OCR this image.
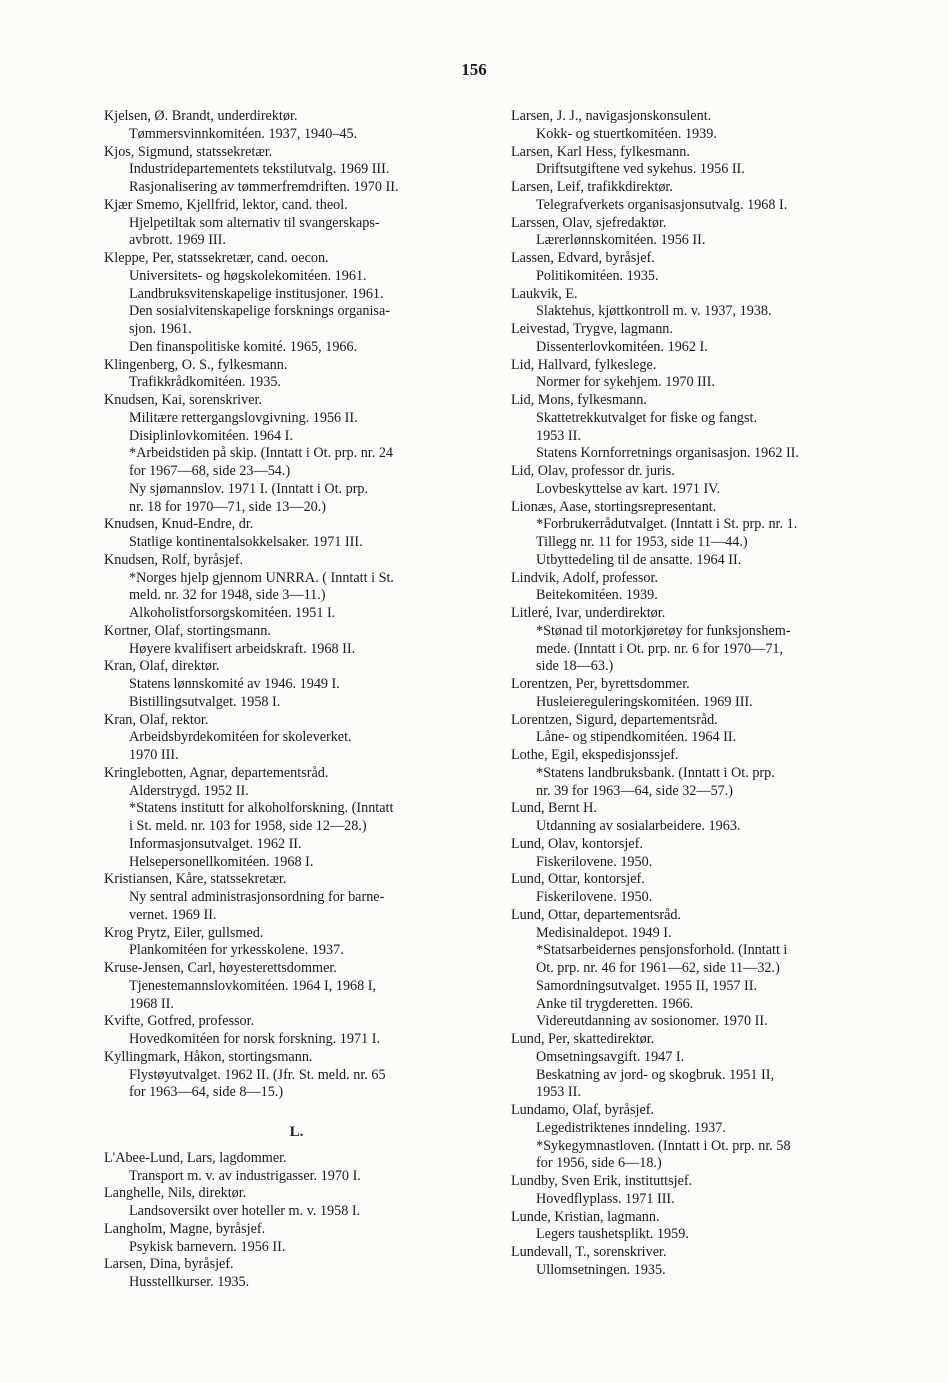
156
Kjelsen, Ø. Brandt, underdirektør.
Tømmersvinnkomitéen. 1937, 1940–45.
Kjos, Sigmund, statssekretær.
Industridepartementets tekstilutvalg. 1969 III.
Rasjonalisering av tømmerfremdriften. 1970 II.
Kjær Smemo, Kjellfrid, lektor, cand. theol.
Hjelpetiltak som alternativ til svangerskaps-
avbrott. 1969 III.
Kleppe, Per, statssekretær, cand. oecon.
Universitets- og høgskolekomitéen. 1961.
Landbruksvitenskapelige institusjoner. 1961.
Den sosialvitenskapelige forsknings organisa-
sjon. 1961.
Den finanspolitiske komité. 1965, 1966.
Klingenberg, O. S., fylkesmann.
Trafikkrådkomitéen. 1935.
Knudsen, Kai, sorenskriver.
Militære rettergangslovgivning. 1956 II.
Disiplinlovkomitéen. 1964 I.
*Arbeidstiden på skip. (Inntatt i Ot. prp. nr. 24
for 1967—68, side 23—54.)
Ny sjømannslov. 1971 I. (Inntatt i Ot. prp.
nr. 18 for 1970—71, side 13—20.)
Knudsen, Knud-Endre, dr.
Statlige kontinentalsokkelsaker. 1971 III.
Knudsen, Rolf, byråsjef.
*Norges hjelp gjennom UNRRA. ( Inntatt i St.
meld. nr. 32 for 1948, side 3—11.)
Alkoholistforsorgskomitéen. 1951 I.
Kortner, Olaf, stortingsmann.
Høyere kvalifisert arbeidskraft. 1968 II.
Kran, Olaf, direktør.
Statens lønnskomité av 1946. 1949 I.
Bistillingsutvalget. 1958 I.
Kran, Olaf, rektor.
Arbeidsbyrdekomitéen for skoleverket.
1970 III.
Kringlebotten, Agnar, departementsråd.
Alderstrygd. 1952 II.
*Statens institutt for alkoholforskning. (Inntatt
i St. meld. nr. 103 for 1958, side 12—28.)
Informasjonsutvalget. 1962 II.
Helsepersonellkomitéen. 1968 I.
Kristiansen, Kåre, statssekretær.
Ny sentral administrasjonsordning for barne-
vernet. 1969 II.
Krog Prytz, Eiler, gullsmed.
Plankomitéen for yrkesskolene. 1937.
Kruse-Jensen, Carl, høyesterettsdommer.
Tjenestemannslovkomitéen. 1964 I, 1968 I,
1968 II.
Kvifte, Gotfred, professor.
Hovedkomitéen for norsk forskning. 1971 I.
Kyllingmark, Håkon, stortingsmann.
Flystøyutvalget. 1962 II. (Jfr. St. meld. nr. 65
for 1963—64, side 8—15.)
L.
L'Abee-Lund, Lars, lagdommer.
Transport m. v. av industrigasser. 1970 I.
Langhelle, Nils, direktør.
Landsoversikt over hoteller m. v. 1958 I.
Langholm, Magne, byråsjef.
Psykisk barnevern. 1956 II.
Larsen, Dina, byråsjef.
Husstellkurser. 1935.
Larsen, J. J., navigasjonskonsulent.
Kokk- og stuertkomitéen. 1939.
Larsen, Karl Hess, fylkesmann.
Driftsutgiftene ved sykehus. 1956 II.
Larsen, Leif, trafikkdirektør.
Telegrafverkets organisasjonsutvalg. 1968 I.
Larssen, Olav, sjefredaktør.
Lærerlønnskomitéen. 1956 II.
Lassen, Edvard, byråsjef.
Politikomitéen. 1935.
Laukvik, E.
Slaktehus, kjøttkontroll m. v. 1937, 1938.
Leivestad, Trygve, lagmann.
Dissenterlovkomitéen. 1962 I.
Lid, Hallvard, fylkeslege.
Normer for sykehjem. 1970 III.
Lid, Mons, fylkesmann.
Skattetrekkutvalget for fiske og fangst.
1953 II.
Statens Kornforretnings organisasjon. 1962 II.
Lid, Olav, professor dr. juris.
Lovbeskyttelse av kart. 1971 IV.
Lionæs, Aase, stortingsrepresentant.
*Forbrukerrådutvalget. (Inntatt i St. prp. nr. 1.
Tillegg nr. 11 for 1953, side 11—44.)
Utbyttedeling til de ansatte. 1964 II.
Lindvik, Adolf, professor.
Beitekomitéen. 1939.
Litleré, Ivar, underdirektør.
*Stønad til motorkjøretøy for funksjonshem-
mede. (Inntatt i Ot. prp. nr. 6 for 1970—71,
side 18—63.)
Lorentzen, Per, byrettsdommer.
Husleiereguleringskomitéen. 1969 III.
Lorentzen, Sigurd, departementsråd.
Låne- og stipendkomitéen. 1964 II.
Lothe, Egil, ekspedisjonssjef.
*Statens landbruksbank. (Inntatt i Ot. prp.
nr. 39 for 1963—64, side 32—57.)
Lund, Bernt H.
Utdanning av sosialarbeidere. 1963.
Lund, Olav, kontorsjef.
Fiskerilovene. 1950.
Lund, Ottar, kontorsjef.
Fiskerilovene. 1950.
Lund, Ottar, departementsråd.
Medisinaldepot. 1949 I.
*Statsarbeidernes pensjonsforhold. (Inntatt i
Ot. prp. nr. 46 for 1961—62, side 11—32.)
Samordningsutvalget. 1955 II, 1957 II.
Anke til trygderetten. 1966.
Videreutdanning av sosionomer. 1970 II.
Lund, Per, skattedirektør.
Omsetningsavgift. 1947 I.
Beskatning av jord- og skogbruk. 1951 II,
1953 II.
Lundamo, Olaf, byråsjef.
Legedistriktenes inndeling. 1937.
*Sykegymnastloven. (Inntatt i Ot. prp. nr. 58
for 1956, side 6—18.)
Lundby, Sven Erik, instituttsjef.
Hovedflyplass. 1971 III.
Lunde, Kristian, lagmann.
Legers taushetsplikt. 1959.
Lundevall, T., sorenskriver.
Ullomsetningen. 1935.
